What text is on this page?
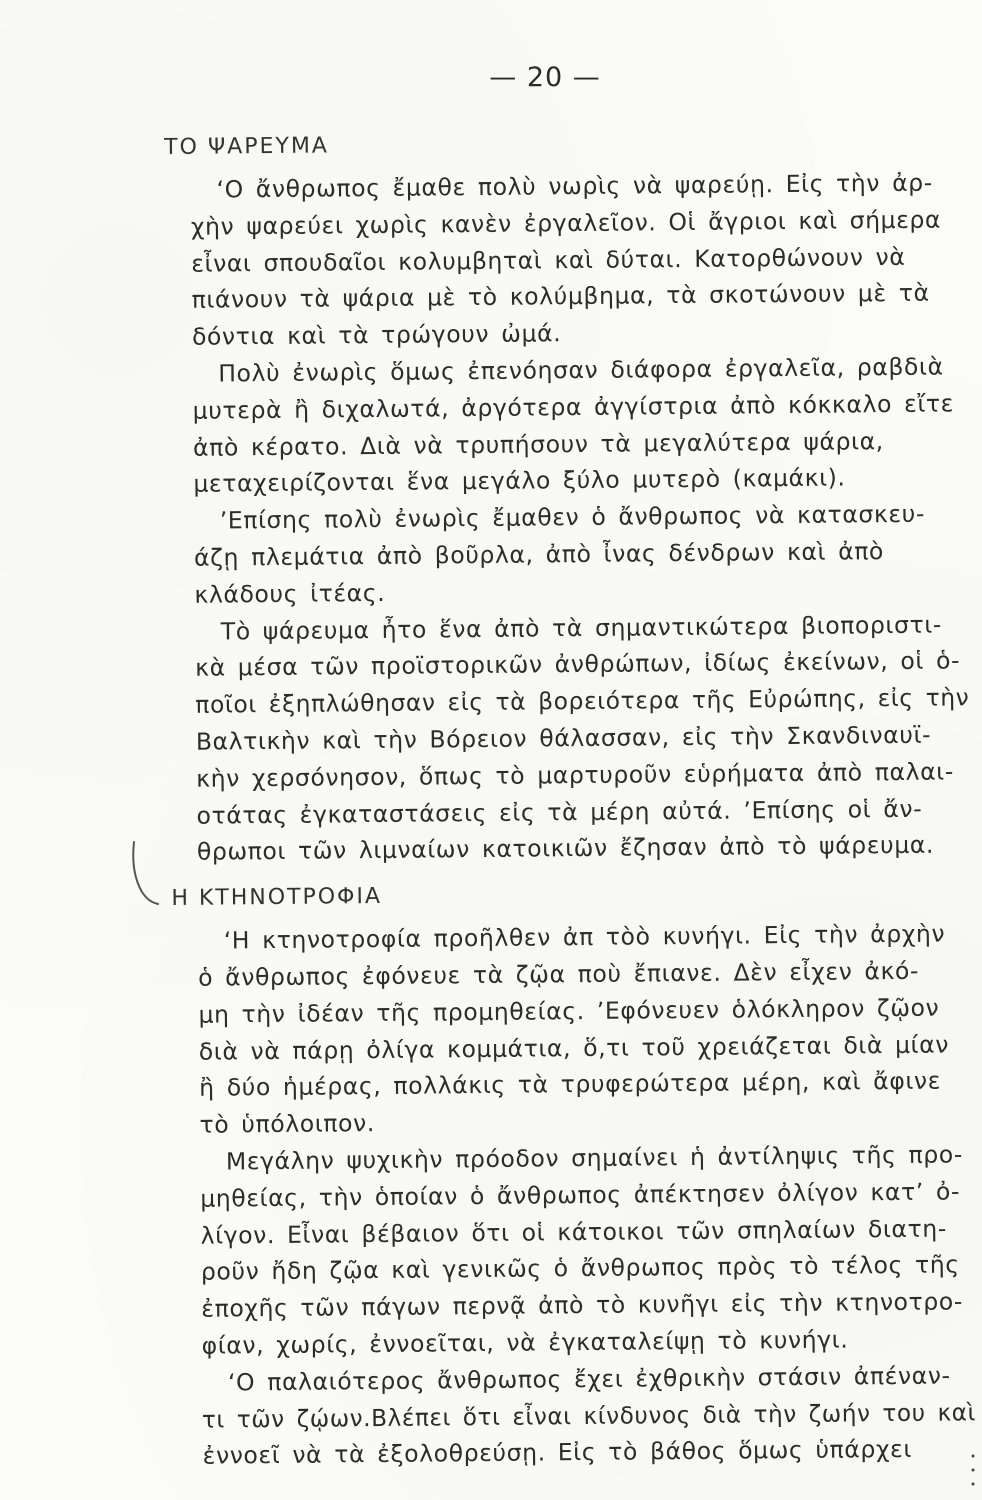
— 20 —
ΤΟ ΨΑΡΕΥΜΑ

‘Ο ἄνθρωπος ἔμαθε πολὺ νωρὶς νὰ ψαρεύῃ. Εἰς τὴν ἀρ-
χὴν ψαρεύει χωρὶς κανὲν ἐργαλεῖον. Οἱ ἄγριοι καὶ σήμερα
εἶναι σπουδαῖοι κολυμβηταὶ καὶ δύται. Κατορθώνουν νὰ
πιάνουν τὰ ψάρια μὲ τὸ κολύμβημα, τὰ σκοτώνουν μὲ τὰ
δόντια καὶ τὰ τρώγουν ὠμά.

Πολὺ ἐνωρὶς ὅμως ἐπενόησαν διάφορα ἐργαλεῖα, ραβδιὰ
μυτερὰ ἢ διχαλωτά, ἀργότερα ἀγγίστρια ἀπὸ κόκκαλο εἴτε
ἀπὸ κέρατο. Διὰ νὰ τρυπήσουν τὰ μεγαλύτερα ψάρια,
μεταχειρίζονται ἕνα μεγάλο ξύλο μυτερὸ (καμάκι).

’Επίσης πολὺ ἐνωρὶς ἔμαθεν ὁ ἄνθρωπος νὰ κατασκευ-
άζῃ πλεμάτια ἀπὸ βοῦρλα, ἀπὸ ἶνας δένδρων καὶ ἀπὸ
κλάδους ἰτέας.

Τὸ ψάρευμα ἦτο ἕνα ἀπὸ τὰ σημαντικώτερα βιοποριστι-
κὰ μέσα τῶν προϊστορικῶν ἀνθρώπων, ἰδίως ἐκείνων, οἱ ὁ-
ποῖοι ἐξηπλώθησαν εἰς τὰ βορειότερα τῆς Εὐρώπης, εἰς τὴν
Βαλτικὴν καὶ τὴν Βόρειον θάλασσαν, εἰς τὴν Σκανδιναυϊ-
κὴν χερσόνησον, ὅπως τὸ μαρτυροῦν εὑρήματα ἀπὸ παλαι-
οτάτας ἐγκαταστάσεις εἰς τὰ μέρη αὐτά. ’Επίσης οἱ ἄν-
θρωποι τῶν λιμναίων κατοικιῶν ἔζησαν ἀπὸ τὸ ψάρευμα.

Η ΚΤΗΝΟΤΡΟΦΙΑ

‘Η κτηνοτροφία προῆλθεν ἀπ τὸὸ κυνήγι. Εἰς τὴν ἀρχὴν
ὁ ἄνθρωπος ἐφόνευε τὰ ζῷα ποὺ ἔπιανε. Δὲν εἶχεν ἀκό-
μη τὴν ἰδέαν τῆς προμηθείας. ’Εφόνευεν ὁλόκληρον ζῷον
διὰ νὰ πάρῃ ὀλίγα κομμάτια, ὅ,τι τοῦ χρειάζεται διὰ μίαν
ἢ δύο ἡμέρας, πολλάκις τὰ τρυφερώτερα μέρη, καὶ ἄφινε
τὸ ὑπόλοιπον.

Μεγάλην ψυχικὴν πρόοδον σημαίνει ἡ ἀντίληψις τῆς προ-
μηθείας, τὴν ὁποίαν ὁ ἄνθρωπος ἀπέκτησεν ὀλίγον κατ’ ὀ-
λίγον. Εἶναι βέβαιον ὅτι οἱ κάτοικοι τῶν σπηλαίων διατη-
ροῦν ἤδη ζῷα καὶ γενικῶς ὁ ἄνθρωπος πρὸς τὸ τέλος τῆς
ἐποχῆς τῶν πάγων περνᾷ ἀπὸ τὸ κυνῆγι εἰς τὴν κτηνοτρο-
φίαν, χωρίς, ἐννοεῖται, νὰ ἐγκαταλείψῃ τὸ κυνήγι.

‘Ο παλαιότερος ἄνθρωπος ἔχει ἐχθρικὴν στάσιν ἀπέναν-
τι τῶν ζῴων.Βλέπει ὅτι εἶναι κίνδυνος διὰ τὴν ζωήν του καὶ
ἐννοεῖ νὰ τὰ ἐξολοθρεύσῃ. Εἰς τὸ βάθος ὅμως ὑπάρχει
